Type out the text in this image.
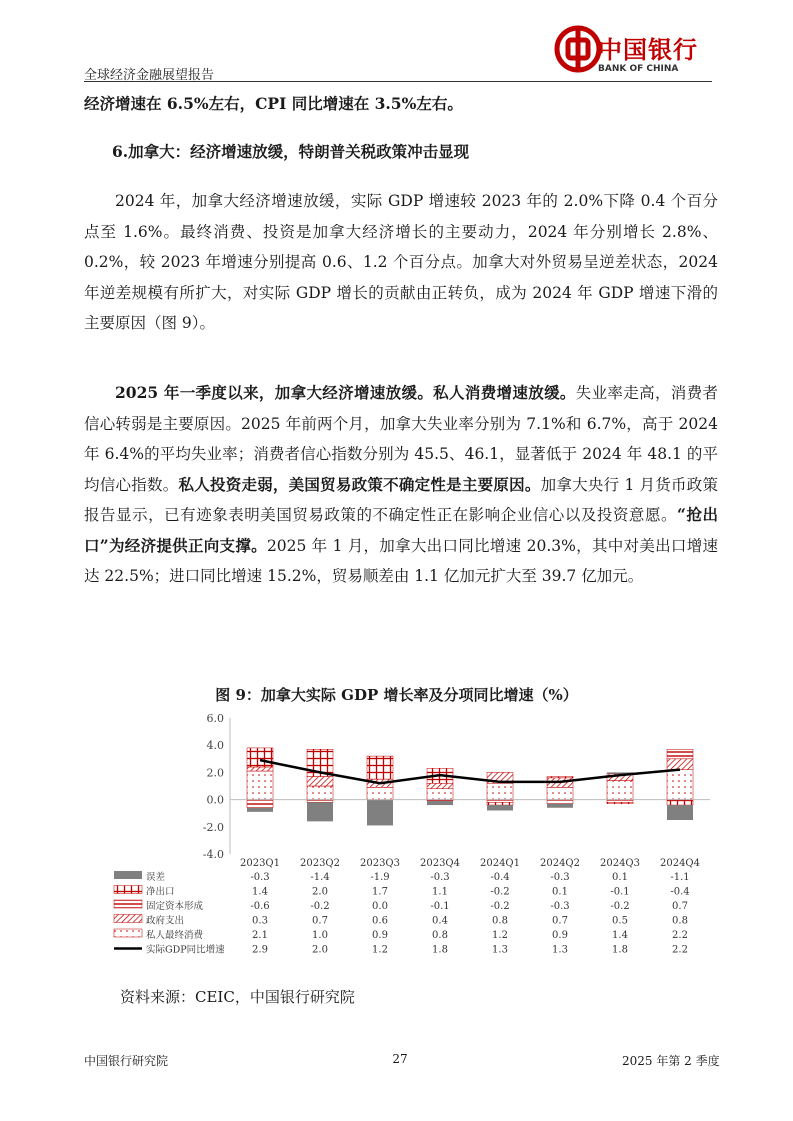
全球经济金融展望报告
中国银行
BANK OF CHINA
经济增速在 6.5%左右，CPI 同比增速在 3.5%左右。
6.加拿大：经济增速放缓，特朗普关税政策冲击显现
2024 年，加拿大经济增速放缓，实际 GDP 增速较 2023 年的 2.0%下降 0.4 个百分点至 1.6%。最终消费、投资是加拿大经济增长的主要动力，2024 年分别增长 2.8%、0.2%，较 2023 年增速分别提高 0.6、1.2 个百分点。加拿大对外贸易呈逆差状态，2024 年逆差规模有所扩大，对实际 GDP 增长的贡献由正转负，成为 2024 年 GDP 增速下滑的主要原因（图 9）。
2025 年一季度以来，加拿大经济增速放缓。私人消费增速放缓。失业率走高，消费者信心转弱是主要原因。2025 年前两个月，加拿大失业率分别为 7.1%和 6.7%，高于 2024 年 6.4%的平均失业率；消费者信心指数分别为 45.5、46.1，显著低于 2024 年 48.1 的平均信心指数。私人投资走弱，美国贸易政策不确定性是主要原因。加拿大央行 1 月货币政策报告显示，已有迹象表明美国贸易政策的不确定性正在影响企业信心以及投资意愿。“抢出口”为经济提供正向支撑。2025 年 1 月，加拿大出口同比增速 20.3%，其中对美出口增速达 22.5%；进口同比增速 15.2%，贸易顺差由 1.1 亿加元扩大至 39.7 亿加元。
图 9：加拿大实际 GDP 增长率及分项同比增速（%）
6.0
4.0
2.0
0.0
-2.0
-4.0
2023Q1 2023Q2 2023Q3 2023Q4 2024Q1 2024Q2 2024Q3 2024Q4
误差	-0.3	-1.4	-1.9	-0.3	-0.4	-0.3	0.1	-1.1
净出口	1.4	2.0	1.7	1.1	-0.2	0.1	-0.1	-0.4
固定资本形成	-0.6	-0.2	0.0	-0.1	-0.2	-0.3	-0.2	0.7
政府支出	0.3	0.7	0.6	0.4	0.8	0.7	0.5	0.8
私人最终消费	2.1	1.0	0.9	0.8	1.2	0.9	1.4	2.2
实际GDP同比增速	2.9	2.0	1.2	1.8	1.3	1.3	1.8	2.2
资料来源：CEIC，中国银行研究院
中国银行研究院	27	2025 年第 2 季度
